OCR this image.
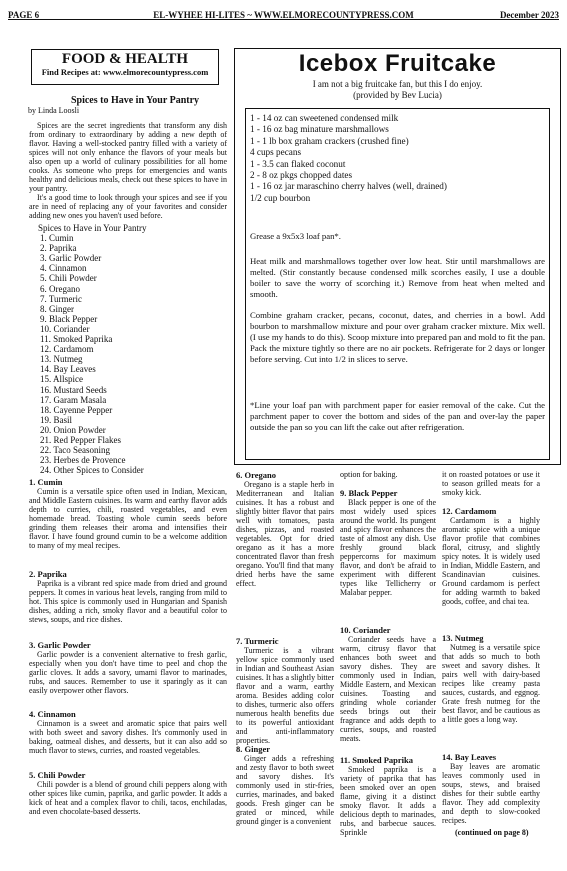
PAGE 6	EL-WYHEE HI-LITES ~ WWW.ELMORECOUNTYPRESS.COM	December 2023
FOOD & HEALTH
Find Recipes at: www.elmorecountypress.com
Spices to Have in Your Pantry
by Linda Loosli

Spices are the secret ingredients that transform any dish from ordinary to extraordinary by adding a new depth of flavor. Having a well-stocked pantry filled with a variety of spices will not only enhance the flavors of your meals but also open up a world of culinary possibilities for all home cooks. As someone who preps for emergencies and wants healthy and delicious meals, check out these spices to have in your pantry.

It's a good time to look through your spices and see if you are in need of replacing any of your favorites and consider adding new ones you haven't used before.

Spices to Have in Your Pantry
1. Cumin
2. Paprika
3. Garlic Powder
4. Cinnamon
5. Chili Powder
6. Oregano
7. Turmeric
8. Ginger
9. Black Pepper
10. Coriander
11. Smoked Paprika
12. Cardamom
13. Nutmeg
14. Bay Leaves
15. Allspice
16. Mustard Seeds
17. Garam Masala
18. Cayenne Pepper
19. Basil
20. Onion Powder
21. Red Pepper Flakes
22. Taco Seasoning
23. Herbes de Provence
24. Other Spices to Consider
1. Cumin
Cumin is a versatile spice often used in Indian, Mexican, and Middle Eastern cuisines. Its warm and earthy flavor adds depth to curries, chili, roasted vegetables, and even homemade bread. Toasting whole cumin seeds before grinding them releases their aroma and intensifies their flavor. I have found ground cumin to be a welcome addition to many of my meal recipes.
2. Paprika
Paprika is a vibrant red spice made from dried and ground peppers. It comes in various heat levels, ranging from mild to hot. This spice is commonly used in Hungarian and Spanish dishes, adding a rich, smoky flavor and a beautiful color to stews, soups, and rice dishes.
3. Garlic Powder
Garlic powder is a convenient alternative to fresh garlic, especially when you don't have time to peel and chop the garlic cloves. It adds a savory, umami flavor to marinades, rubs, and sauces. Remember to use it sparingly as it can easily overpower other flavors.
4. Cinnamon
Cinnamon is a sweet and aromatic spice that pairs well with both sweet and savory dishes. It's commonly used in baking, oatmeal dishes, and desserts, but it can also add so much flavor to stews, curries, and roasted vegetables.
5. Chili Powder
Chili powder is a blend of ground chili peppers along with other spices like cumin, paprika, and garlic powder. It adds a kick of heat and a complex flavor to chili, tacos, enchiladas, and even chocolate-based desserts.
6. Oregano
Oregano is a staple herb in Mediterranean and Italian cuisines. It has a robust and slightly bitter flavor that pairs well with tomatoes, pasta dishes, pizzas, and roasted vegetables. Opt for dried oregano as it has a more concentrated flavor than fresh oregano. You'll find that many dried herbs have the same effect.
7. Turmeric
Turmeric is a vibrant yellow spice commonly used in Indian and Southeast Asian cuisines. It has a slightly bitter flavor and a warm, earthy aroma. Besides adding color to dishes, turmeric also offers numerous health benefits due to its powerful antioxidant and anti-inflammatory properties.
8. Ginger
Ginger adds a refreshing and zesty flavor to both sweet and savory dishes. It's commonly used in stir-fries, curries, marinades, and baked goods. Fresh ginger can be grated or minced, while ground ginger is a convenient
option for baking.
9. Black Pepper
Black pepper is one of the most widely used spices around the world. Its pungent and spicy flavor enhances the taste of almost any dish. Use freshly ground black peppercorns for maximum flavor, and don't be afraid to experiment with different types like Tellicherry or Malabar pepper.
10. Coriander
Coriander seeds have a warm, citrusy flavor that enhances both sweet and savory dishes. They are commonly used in Indian, Middle Eastern, and Mexican cuisines. Toasting and grinding whole coriander seeds brings out their fragrance and adds depth to curries, soups, and roasted meats.
11. Smoked Paprika
Smoked paprika is a variety of paprika that has been smoked over an open flame, giving it a distinct smoky flavor. It adds a delicious depth to marinades, rubs, and barbecue sauces. Sprinkle
it on roasted potatoes or use it to season grilled meats for a smoky kick.
12. Cardamom
Cardamom is a highly aromatic spice with a unique flavor profile that combines floral, citrusy, and slightly spicy notes. It is widely used in Indian, Middle Eastern, and Scandinavian cuisines. Ground cardamom is perfect for adding warmth to baked goods, coffee, and chai tea.
13. Nutmeg
Nutmeg is a versatile spice that adds so much to both sweet and savory dishes. It pairs well with dairy-based recipes like creamy pasta sauces, custards, and eggnog. Grate fresh nutmeg for the best flavor, and be cautious as a little goes a long way.
14. Bay Leaves
Bay leaves are aromatic leaves commonly used in soups, stews, and braised dishes for their subtle earthy flavor. They add complexity and depth to slow-cooked recipes.
(continued on page 8)
Icebox Fruitcake
I am not a big fruitcake fan, but this I do enjoy.
(provided by Bev Lucia)
1 - 14 oz can sweetened condensed milk
1 - 16 oz bag minature marshmallows
1 - 1 lb box graham crackers (crushed fine)
4 cups pecans
1 - 3.5 can flaked coconut
2 - 8 oz pkgs chopped dates
1 - 16 oz jar maraschino cherry halves (well, drained)
1/2 cup bourbon
Grease a 9x5x3 loaf pan*.
Heat milk and marshmallows together over low heat. Stir until marshmallows are melted. (Stir constantly because condensed milk scorches easily, I use a double boiler to save the worry of scorching it.) Remove from heat when melted and smooth.
Combine graham cracker, pecans, coconut, dates, and cherries in a bowl. Add bourbon to marshmallow mixture and pour over graham cracker mixture. Mix well. (I use my hands to do this). Scoop mixture into prepared pan and mold to fit the pan. Pack the mixture tightly so there are no air pockets. Refrigerate for 2 days or longer before serving. Cut into 1/2 in slices to serve.
*Line your loaf pan with parchment paper for easier removal of the cake. Cut the parchment paper to cover the bottom and sides of the pan and over-lay the paper outside the pan so you can lift the cake out after refrigeration.
